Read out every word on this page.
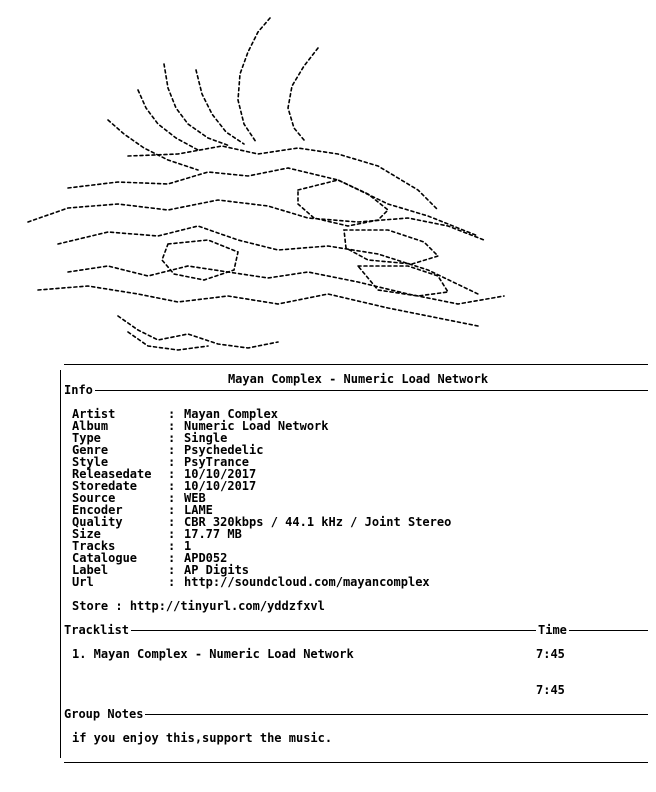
Mayan Complex - Numeric Load Network
Info
Artist	: Mayan Complex
Album	: Numeric Load Network
Type	: Single
Genre	: Psychedelic
Style	: PsyTrance
Releasedate : 10/10/2017
Storedate	: 10/10/2017
Source	: WEB
Encoder	: LAME
Quality	: CBR 320kbps / 44.1 kHz / Joint Stereo
Size	: 17.77 MB
Tracks	: 1
Catalogue	: APD052
Label	: AP Digits
Url	: http://soundcloud.com/mayancomplex
Store : http://tinyurl.com/yddzfxvl
Tracklist	Time
1. Mayan Complex - Numeric Load Network	7:45
7:45
Group Notes
if you enjoy this,support the music.
